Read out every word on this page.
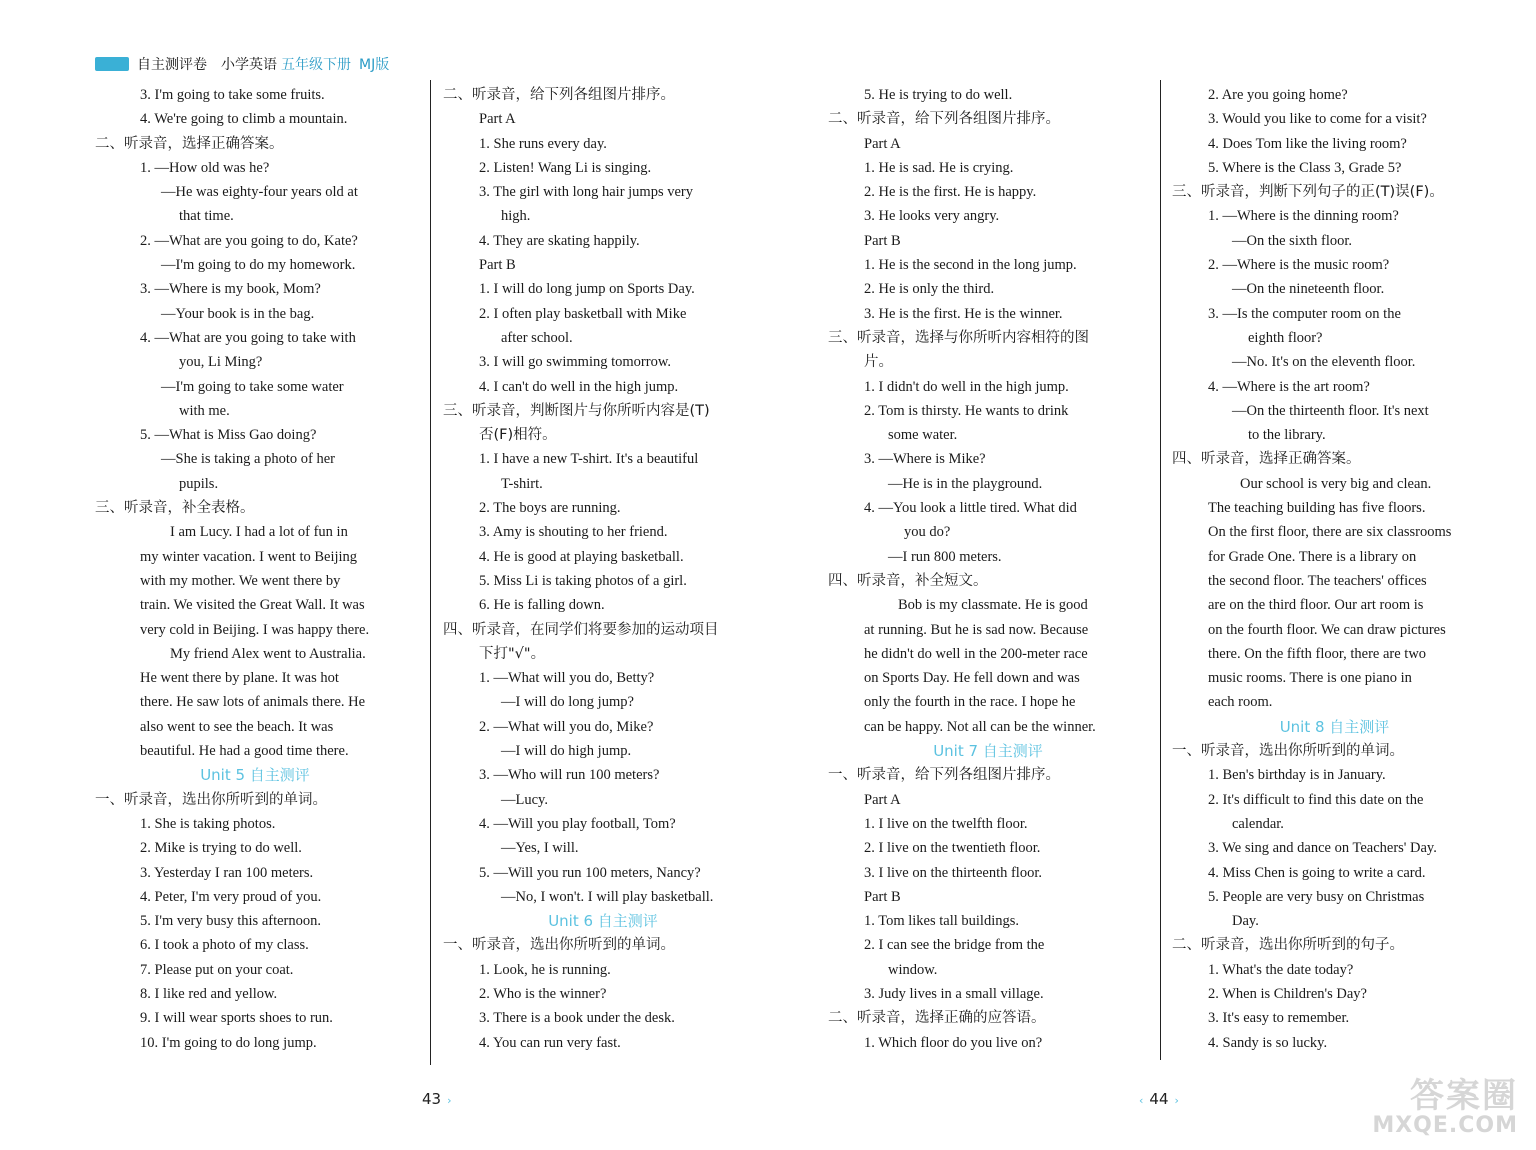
自主测评卷 小学英语 五年级下册 MJ版
3. I'm going to take some fruits.
4. We're going to climb a mountain.
二、听录音，选择正确答案。
1. —How old was he?
—He was eighty-four years old at
that time.
2. —What are you going to do, Kate?
—I'm going to do my homework.
3. —Where is my book, Mom?
—Your book is in the bag.
4. —What are you going to take with
you, Li Ming?
—I'm going to take some water
with me.
5. —What is Miss Gao doing?
—She is taking a photo of her
pupils.
三、听录音，补全表格。
I am Lucy. I had a lot of fun in
my winter vacation. I went to Beijing
with my mother. We went there by
train. We visited the Great Wall. It was
very cold in Beijing. I was happy there.
My friend Alex went to Australia.
He went there by plane. It was hot
there. He saw lots of animals there. He
also went to see the beach. It was
beautiful. He had a good time there.
Unit 5 自主测评
一、听录音，选出你所听到的单词。
1. She is taking photos.
2. Mike is trying to do well.
3. Yesterday I ran 100 meters.
4. Peter, I'm very proud of you.
5. I'm very busy this afternoon.
6. I took a photo of my class.
7. Please put on your coat.
8. I like red and yellow.
9. I will wear sports shoes to run.
10. I'm going to do long jump.
二、听录音，给下列各组图片排序。
Part A
1. She runs every day.
2. Listen! Wang Li is singing.
3. The girl with long hair jumps very
high.
4. They are skating happily.
Part B
1. I will do long jump on Sports Day.
2. I often play basketball with Mike
after school.
3. I will go swimming tomorrow.
4. I can't do well in the high jump.
三、听录音，判断图片与你所听内容是(T)
否(F)相符。
1. I have a new T-shirt. It's a beautiful
T-shirt.
2. The boys are running.
3. Amy is shouting to her friend.
4. He is good at playing basketball.
5. Miss Li is taking photos of a girl.
6. He is falling down.
四、听录音，在同学们将要参加的运动项目
下打"√"。
1. —What will you do, Betty?
—I will do long jump?
2. —What will you do, Mike?
—I will do high jump.
3. —Who will run 100 meters?
—Lucy.
4. —Will you play football, Tom?
—Yes, I will.
5. —Will you run 100 meters, Nancy?
—No, I won't. I will play basketball.
Unit 6 自主测评
一、听录音，选出你所听到的单词。
1. Look, he is running.
2. Who is the winner?
3. There is a book under the desk.
4. You can run very fast.
5. He is trying to do well.
二、听录音，给下列各组图片排序。
Part A
1. He is sad. He is crying.
2. He is the first. He is happy.
3. He looks very angry.
Part B
1. He is the second in the long jump.
2. He is only the third.
3. He is the first. He is the winner.
三、听录音，选择与你所听内容相符的图
片。
1. I didn't do well in the high jump.
2. Tom is thirsty. He wants to drink
some water.
3. —Where is Mike?
—He is in the playground.
4. —You look a little tired. What did
you do?
—I run 800 meters.
四、听录音，补全短文。
Bob is my classmate. He is good
at running. But he is sad now. Because
he didn't do well in the 200-meter race
on Sports Day. He fell down and was
only the fourth in the race. I hope he
can be happy. Not all can be the winner.
Unit 7 自主测评
一、听录音，给下列各组图片排序。
Part A
1. I live on the twelfth floor.
2. I live on the twentieth floor.
3. I live on the thirteenth floor.
Part B
1. Tom likes tall buildings.
2. I can see the bridge from the
window.
3. Judy lives in a small village.
二、听录音，选择正确的应答语。
1. Which floor do you live on?
2. Are you going home?
3. Would you like to come for a visit?
4. Does Tom like the living room?
5. Where is the Class 3, Grade 5?
三、听录音，判断下列句子的正(T)误(F)。
1. —Where is the dinning room?
—On the sixth floor.
2. —Where is the music room?
—On the nineteenth floor.
3. —Is the computer room on the
eighth floor?
—No. It's on the eleventh floor.
4. —Where is the art room?
—On the thirteenth floor. It's next
to the library.
四、听录音，选择正确答案。
Our school is very big and clean.
The teaching building has five floors.
On the first floor, there are six classrooms
for Grade One. There is a library on
the second floor. The teachers' offices
are on the third floor. Our art room is
on the fourth floor. We can draw pictures
there. On the fifth floor, there are two
music rooms. There is one piano in
each room.
Unit 8 自主测评
一、听录音，选出你所听到的单词。
1. Ben's birthday is in January.
2. It's difficult to find this date on the
calendar.
3. We sing and dance on Teachers' Day.
4. Miss Chen is going to write a card.
5. People are very busy on Christmas
Day.
二、听录音，选出你所听到的句子。
1. What's the date today?
2. When is Children's Day?
3. It's easy to remember.
4. Sandy is so lucky.
43 ›	‹ 44 ›	答案圈
MXQE.COM
